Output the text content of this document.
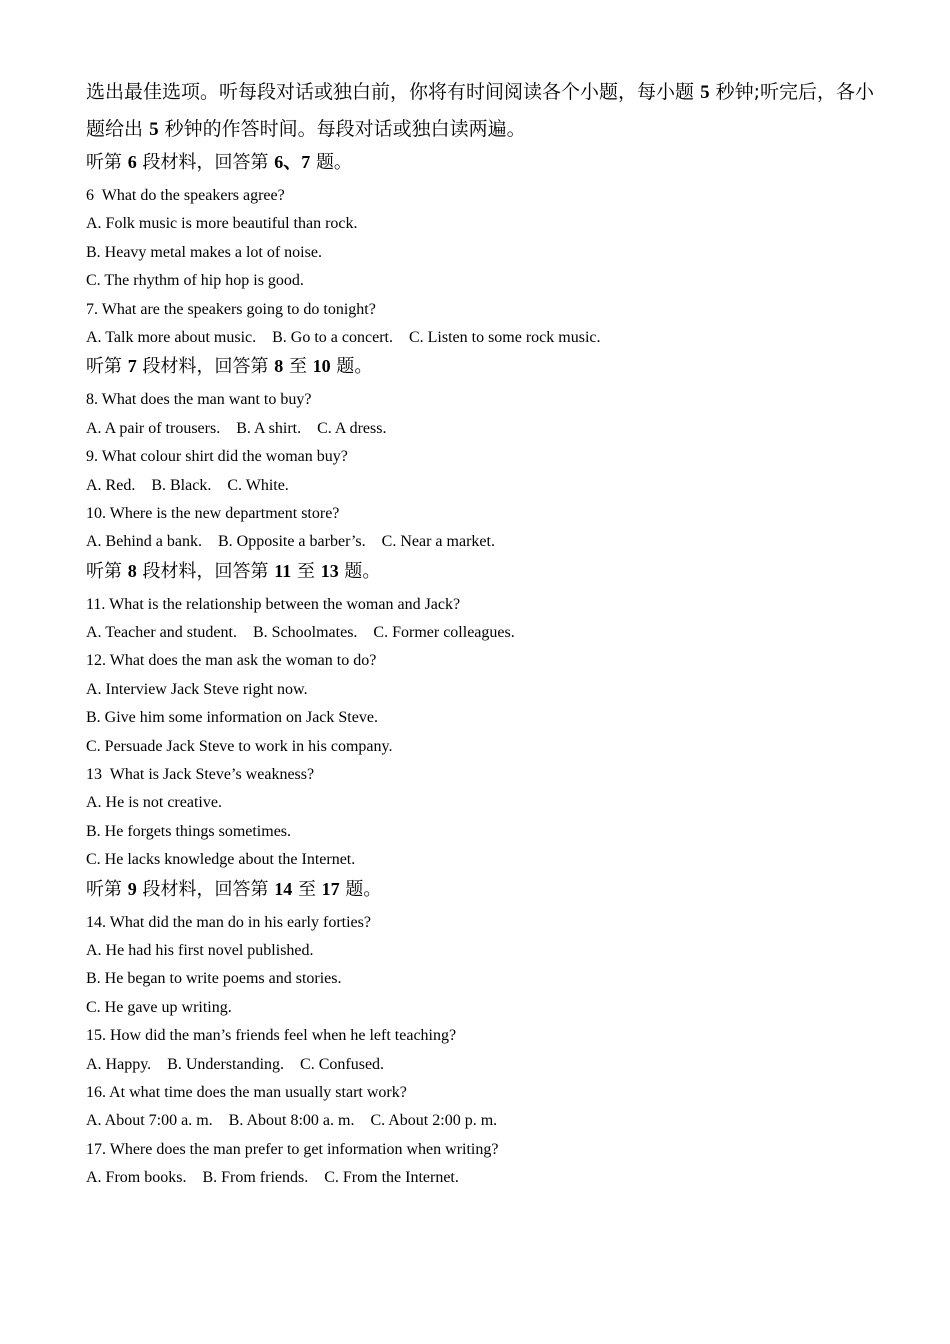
选出最佳选项。听每段对话或独白前，你将有时间阅读各个小题，每小题 5 秒钟;听完后，各小题给出 5 秒钟的作答时间。每段对话或独白读两遍。

听第 6 段材料，回答第 6、7 题。

6  What do the speakers agree?

A. Folk music is more beautiful than rock.

B. Heavy metal makes a lot of noise.

C. The rhythm of hip hop is good.

7. What are the speakers going to do tonight?

A. Talk more about music. B. Go to a concert. C. Listen to some rock music.

听第 7 段材料，回答第 8 至 10 题。

8. What does the man want to buy?

A. A pair of trousers. B. A shirt. C. A dress.

9. What colour shirt did the woman buy?

A. Red. B. Black. C. White.

10. Where is the new department store?

A. Behind a bank. B. Opposite a barber’s. C. Near a market.

听第 8 段材料，回答第 11 至 13 题。

11. What is the relationship between the woman and Jack?

A. Teacher and student. B. Schoolmates. C. Former colleagues.

12. What does the man ask the woman to do?

A. Interview Jack Steve right now.

B. Give him some information on Jack Steve.

C. Persuade Jack Steve to work in his company.

13  What is Jack Steve’s weakness?

A. He is not creative.

B. He forgets things sometimes.

C. He lacks knowledge about the Internet.

听第 9 段材料，回答第 14 至 17 题。

14. What did the man do in his early forties?

A. He had his first novel published.

B. He began to write poems and stories.

C. He gave up writing.

15. How did the man’s friends feel when he left teaching?

A. Happy. B. Understanding. C. Confused.

16. At what time does the man usually start work?

A. About 7:00 a. m. B. About 8:00 a. m. C. About 2:00 p. m.

17. Where does the man prefer to get information when writing?

A. From books. B. From friends. C. From the Internet.
